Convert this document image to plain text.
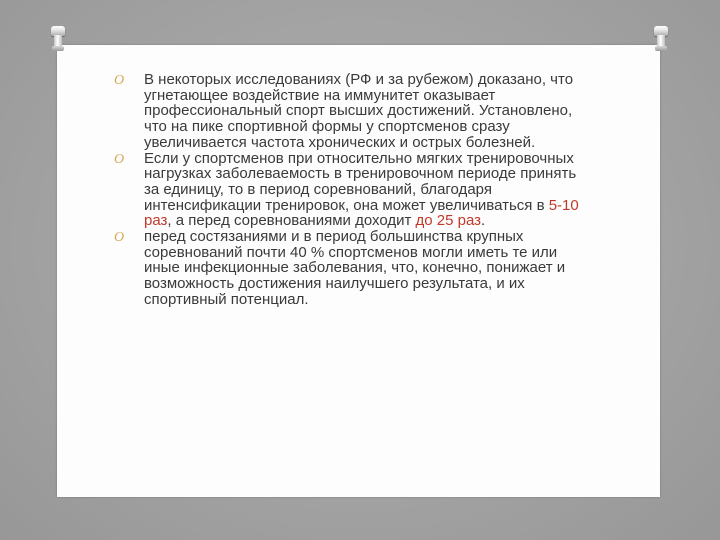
O В некоторых исследованиях (РФ и за рубежом) доказано, что угнетающее воздействие на иммунитет оказывает профессиональный спорт высших достижений. Установлено, что на пике спортивной формы у спортсменов сразу увеличивается частота хронических и острых болезней.

O Если у спортсменов при относительно мягких тренировочных нагрузках заболеваемость в тренировочном периоде принять за единицу, то в период соревнований, благодаря интенсификации тренировок, она может увеличиваться в 5-10 раз, а перед соревнованиями доходит до 25 раз.

O перед состязаниями и в период большинства крупных соревнований почти 40 % спортсменов могли иметь те или иные инфекционные заболевания, что, конечно, понижает и возможность достижения наилучшего результата, и их спортивный потенциал.
